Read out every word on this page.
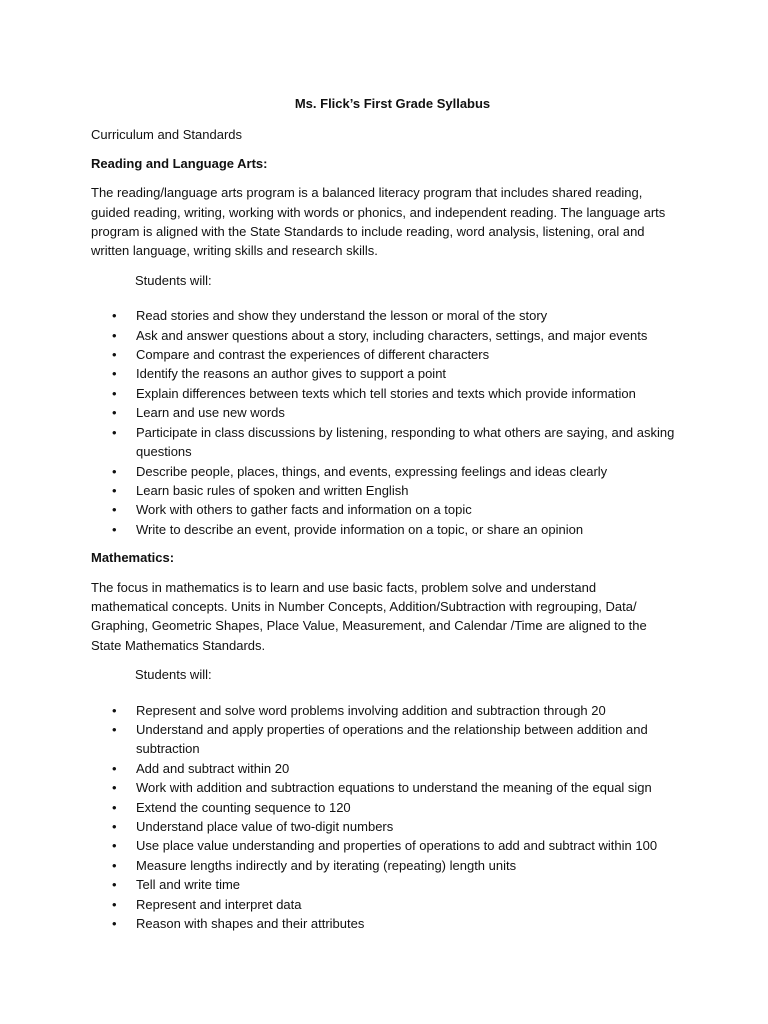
Ms. Flick’s First Grade Syllabus
Curriculum and Standards
Reading and Language Arts:
The reading/language arts program is a balanced literacy program that includes shared reading, guided reading, writing, working with words or phonics, and independent reading. The language arts program is aligned with the State Standards to include reading, word analysis, listening, oral and written language, writing skills and research skills.
Students will:
• Read stories and show they understand the lesson or moral of the story
• Ask and answer questions about a story, including characters, settings, and major events
• Compare and contrast the experiences of different characters
• Identify the reasons an author gives to support a point
• Explain differences between texts which tell stories and texts which provide information
• Learn and use new words
• Participate in class discussions by listening, responding to what others are saying, and asking questions
• Describe people, places, things, and events, expressing feelings and ideas clearly
• Learn basic rules of spoken and written English
• Work with others to gather facts and information on a topic
• Write to describe an event, provide information on a topic, or share an opinion
Mathematics:
The focus in mathematics is to learn and use basic facts, problem solve and understand mathematical concepts. Units in Number Concepts, Addition/Subtraction with regrouping, Data/ Graphing, Geometric Shapes, Place Value, Measurement, and Calendar /Time are aligned to the State Mathematics Standards.
Students will:
• Represent and solve word problems involving addition and subtraction through 20
• Understand and apply properties of operations and the relationship between addition and subtraction
• Add and subtract within 20
• Work with addition and subtraction equations to understand the meaning of the equal sign
• Extend the counting sequence to 120
• Understand place value of two-digit numbers
• Use place value understanding and properties of operations to add and subtract within 100
• Measure lengths indirectly and by iterating (repeating) length units
• Tell and write time
• Represent and interpret data
• Reason with shapes and their attributes
